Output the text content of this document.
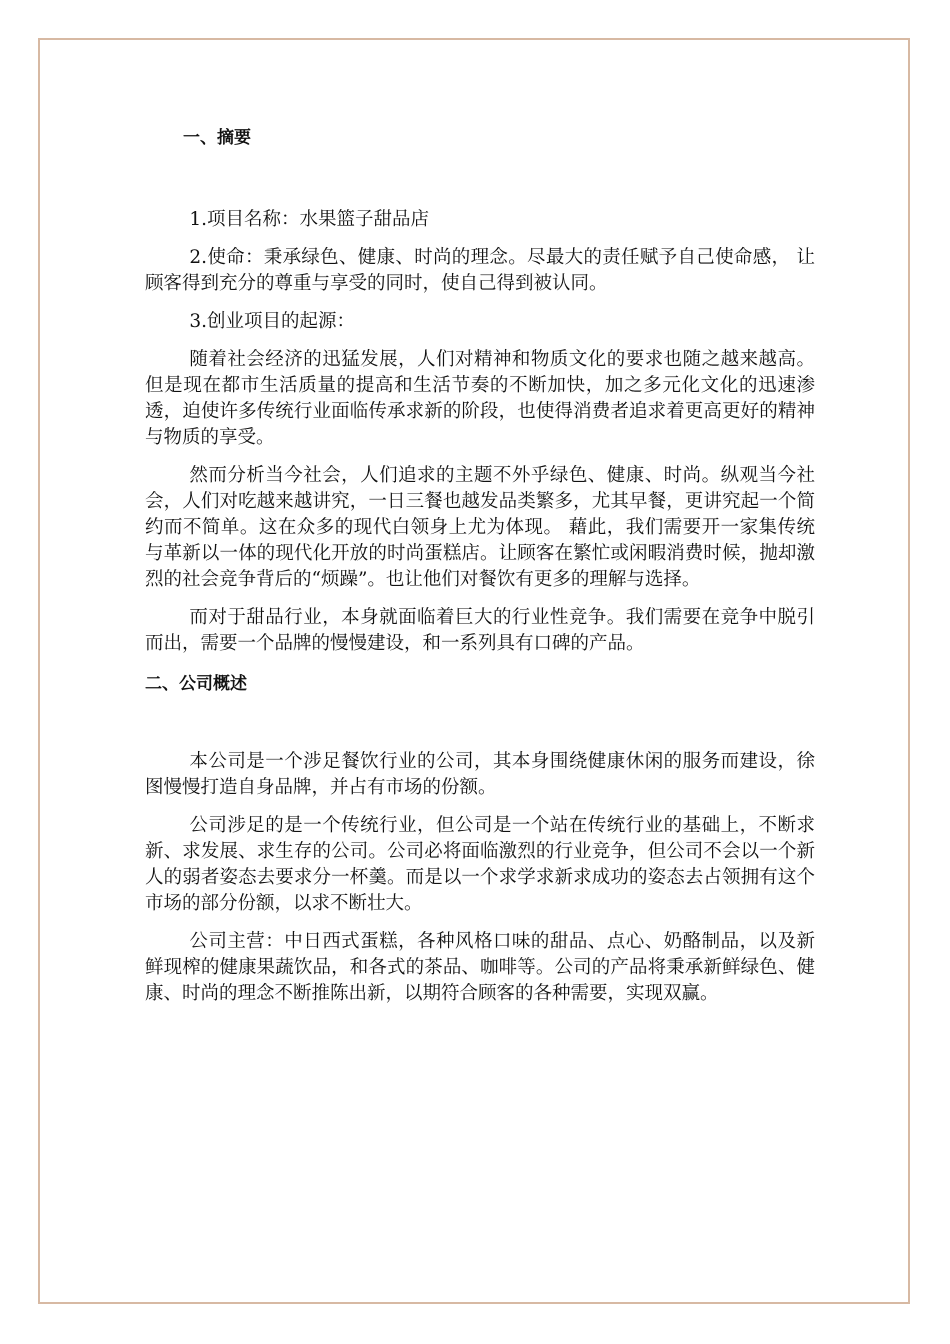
一、摘要

1.项目名称：水果篮子甜品店

2.使命：秉承绿色、健康、时尚的理念。尽最大的责任赋予自己使命感， 让顾客得到充分的尊重与享受的同时，使自己得到被认同。

3.创业项目的起源：

随着社会经济的迅猛发展，人们对精神和物质文化的要求也随之越来越高。 但是现在都市生活质量的提高和生活节奏的不断加快，加之多元化文化的迅速渗透，迫使许多传统行业面临传承求新的阶段，也使得消费者追求着更高更好的精神与物质的享受。

然而分析当今社会，人们追求的主题不外乎绿色、健康、时尚。纵观当今社会，人们对吃越来越讲究，一日三餐也越发品类繁多，尤其早餐，更讲究起一个简约而不简单。这在众多的现代白领身上尤为体现。 藉此，我们需要开一家集传统与革新以一体的现代化开放的时尚蛋糕店。让顾客在繁忙或闲暇消费时候，抛却激烈的社会竞争背后的“烦躁”。也让他们对餐饮有更多的理解与选择。

而对于甜品行业，本身就面临着巨大的行业性竞争。我们需要在竞争中脱引而出，需要一个品牌的慢慢建设，和一系列具有口碑的产品。

二、公司概述

本公司是一个涉足餐饮行业的公司，其本身围绕健康休闲的服务而建设，徐图慢慢打造自身品牌，并占有市场的份额。

公司涉足的是一个传统行业，但公司是一个站在传统行业的基础上，不断求新、求发展、求生存的公司。公司必将面临激烈的行业竞争，但公司不会以一个新人的弱者姿态去要求分一杯羹。而是以一个求学求新求成功的姿态去占领拥有这个市场的部分份额，以求不断壮大。

公司主营：中日西式蛋糕，各种风格口味的甜品、点心、奶酪制品，以及新鲜现榨的健康果蔬饮品，和各式的茶品、咖啡等。公司的产品将秉承新鲜绿色、健康、时尚的理念不断推陈出新，以期符合顾客的各种需要，实现双赢。
